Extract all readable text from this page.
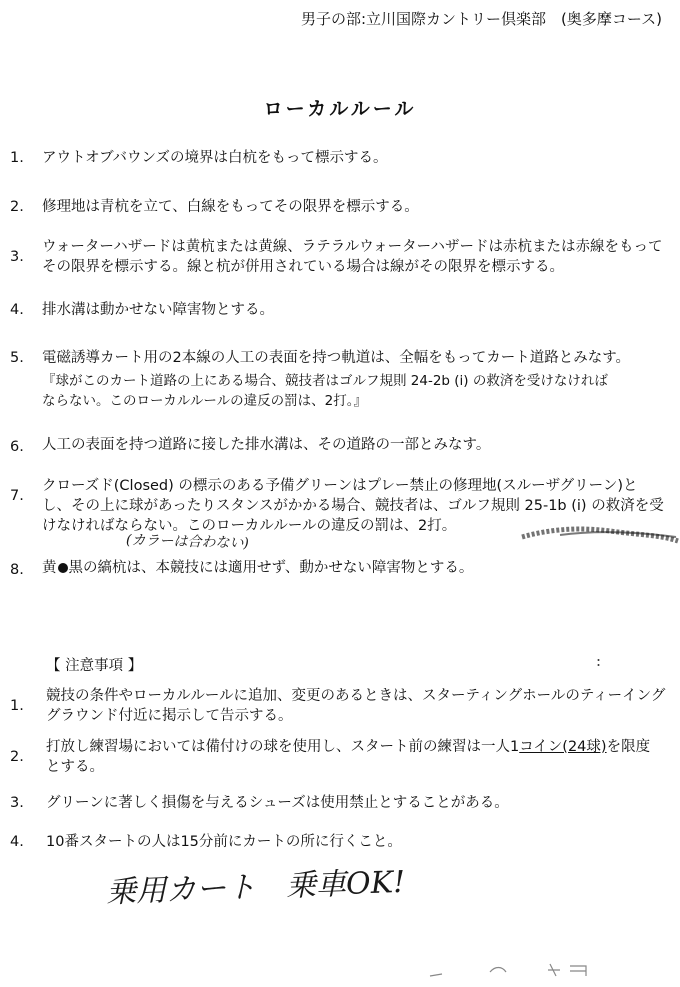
男子の部:立川国際カントリー倶楽部　(奥多摩コース)
ローカルルール
1.	アウトオブバウンズの境界は白杭をもって標示する。
2.	修理地は青杭を立て、白線をもってその限界を標示する。
3.
ウォーターハザードは黄杭または黄線、ラテラルウォーターハザードは赤杭または赤線をもって
その限界を標示する。線と杭が併用されている場合は線がその限界を標示する。
4.	排水溝は動かせない障害物とする。
5.	電磁誘導カート用の2本線の人工の表面を持つ軌道は、全幅をもってカート道路とみなす。
『球がこのカート道路の上にある場合、競技者はゴルフ規則 24-2b (i) の救済を受けなければ
ならない。このローカルルールの違反の罰は、2打。』
6.	人工の表面を持つ道路に接した排水溝は、その道路の一部とみなす。
7.
クローズド(Closed) の標示のある予備グリーンはプレー禁止の修理地(スルーザグリーン)と
し、その上に球があったりスタンスがかかる場合、競技者は、ゴルフ規則 25-1b (i) の救済を受
けなければならない。このローカルルールの違反の罰は、2打。
(カラーは合わない)
8.	黄 黒の縞杭は、本競技には適用せず、動かせない障害物とする。
【 注意事項 】
1.
競技の条件やローカルルールに追加、変更のあるときは、スターティングホールのティーイング
グラウンド付近に掲示して告示する。
2.
打放し練習場においては備付けの球を使用し、スタート前の練習は一人1コイン(24球)を限度
とする。
3.	グリーンに著しく損傷を与えるシューズは使用禁止とすることがある。
4.	10番スタートの人は15分前にカートの所に行くこと。
乗用カート　乗車OK!
